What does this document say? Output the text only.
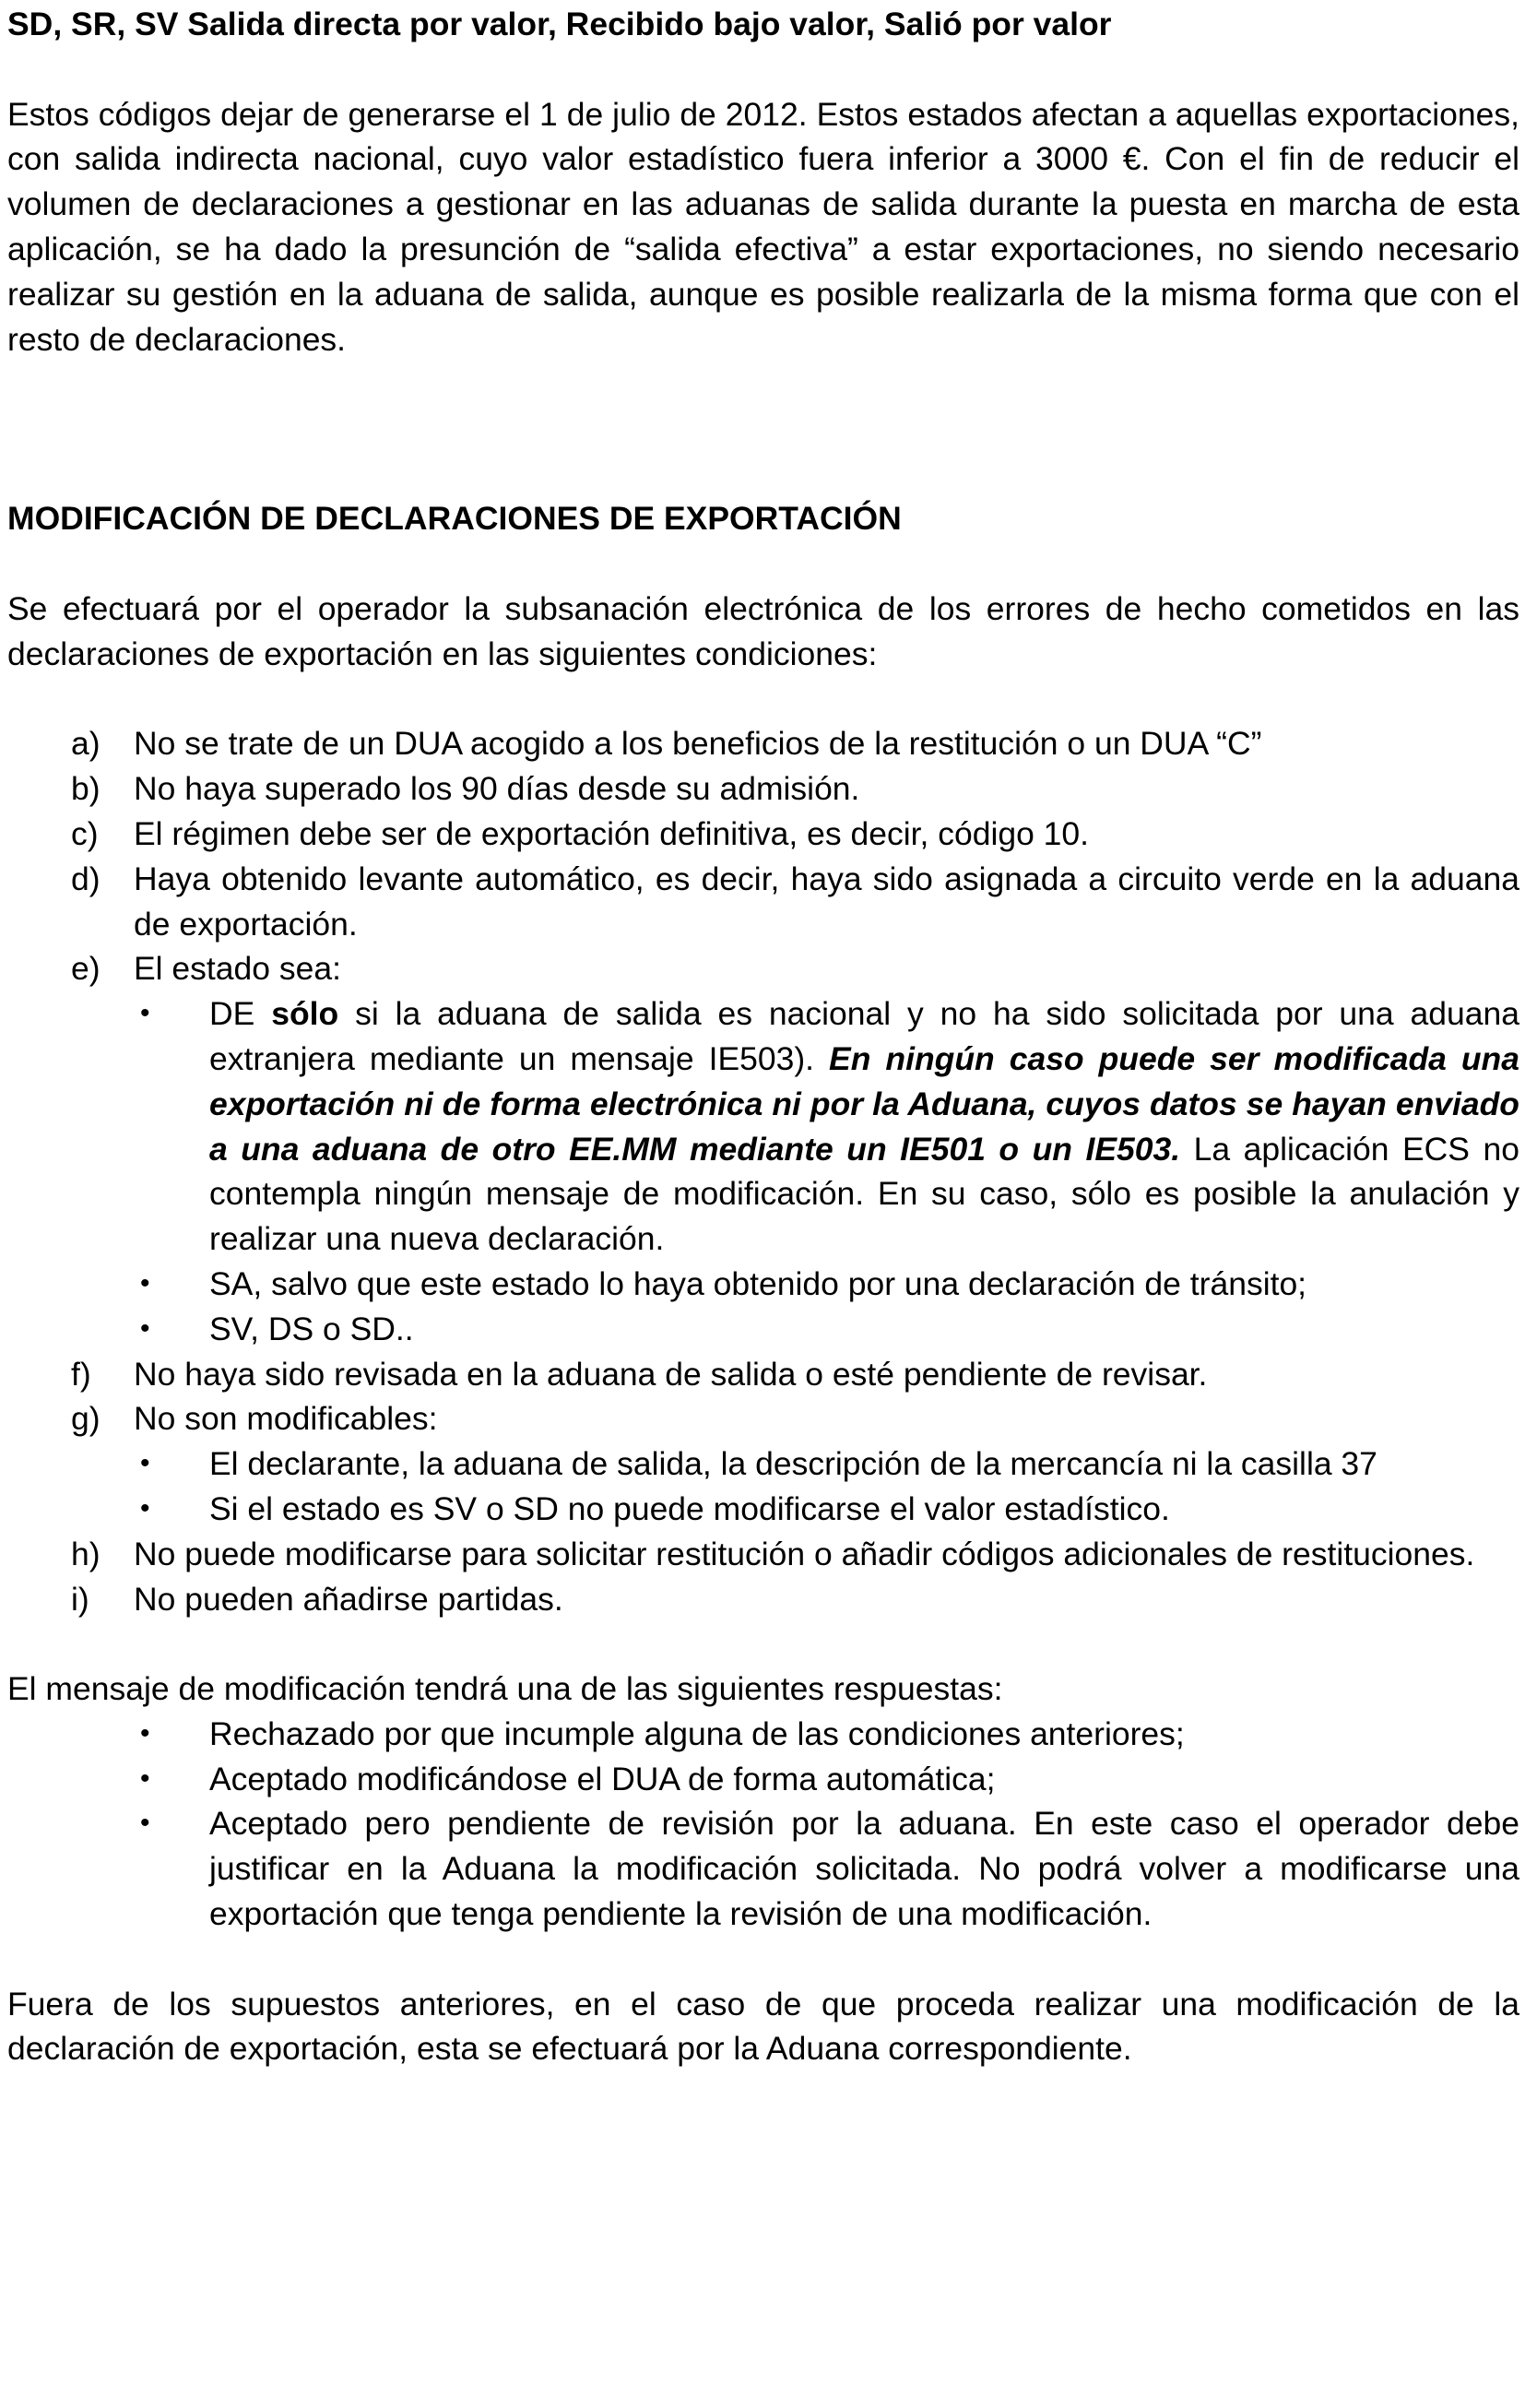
SD, SR, SV Salida directa por valor, Recibido bajo valor, Salió por valor

Estos códigos dejar de generarse el 1 de julio de 2012. Estos estados afectan a aquellas exportaciones, con salida indirecta nacional, cuyo valor estadístico fuera inferior a 3000 €. Con el fin de reducir el volumen de declaraciones a gestionar en las aduanas de salida durante la puesta en marcha de esta aplicación, se ha dado la presunción de “salida efectiva” a estar exportaciones, no siendo necesario realizar su gestión en la aduana de salida, aunque es posible realizarla de la misma forma que con el resto de declaraciones.

MODIFICACIÓN DE DECLARACIONES DE EXPORTACIÓN

Se efectuará por el operador la subsanación electrónica de los errores de hecho cometidos en las declaraciones de exportación en las siguientes condiciones:

a) No se trate de un DUA acogido a los beneficios de la restitución o un DUA “C”
b) No haya superado los 90 días desde su admisión.
c) El régimen debe ser de exportación definitiva, es decir, código 10.
d) Haya obtenido levante automático, es decir, haya sido asignada a circuito verde en la aduana de exportación.
e) El estado sea:
• DE sólo si la aduana de salida es nacional y no ha sido solicitada por una aduana extranjera mediante un mensaje IE503). En ningún caso puede ser modificada una exportación ni de forma electrónica ni por la Aduana, cuyos datos se hayan enviado a una aduana de otro EE.MM mediante un IE501 o un IE503. La aplicación ECS no contempla ningún mensaje de modificación. En su caso, sólo es posible la anulación y realizar una nueva declaración.
• SA, salvo que este estado lo haya obtenido por una declaración de tránsito;
• SV, DS o SD..
f) No haya sido revisada en la aduana de salida o esté pendiente de revisar.
g) No son modificables:
• El declarante, la aduana de salida, la descripción de la mercancía ni la casilla 37
• Si el estado es SV o SD no puede modificarse el valor estadístico.
h) No puede modificarse para solicitar restitución o añadir códigos adicionales de restituciones.
i) No pueden añadirse partidas.

El mensaje de modificación tendrá una de las siguientes respuestas:

• Rechazado por que incumple alguna de las condiciones anteriores;
• Aceptado modificándose el DUA de forma automática;
• Aceptado pero pendiente de revisión por la aduana. En este caso el operador debe justificar en la Aduana la modificación solicitada. No podrá volver a modificarse una exportación que tenga pendiente la revisión de una modificación.

Fuera de los supuestos anteriores, en el caso de que proceda realizar una modificación de la declaración de exportación, esta se efectuará por la Aduana correspondiente.
